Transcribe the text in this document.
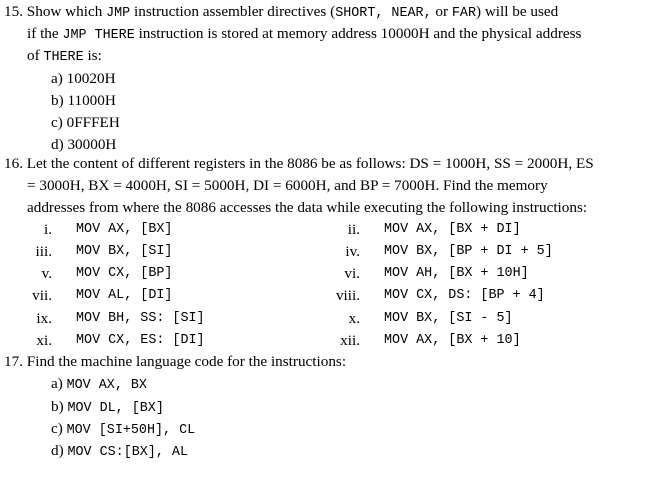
15. Show which JMP instruction assembler directives (SHORT, NEAR, or FAR) will be used
if the JMP THERE instruction is stored at memory address 10000H and the physical address
of THERE is:
a) 10020H
b) 11000H
c) 0FFFEH
d) 30000H
16. Let the content of different registers in the 8086 be as follows: DS = 1000H, SS = 2000H, ES
= 3000H, BX = 4000H, SI = 5000H, DI = 6000H, and BP = 7000H. Find the memory
addresses from where the 8086 accesses the data while executing the following instructions:
i. MOV AX, [BX]
iii. MOV BX, [SI]
v. MOV CX, [BP]
vii. MOV AL, [DI]
ix. MOV BH, SS: [SI]
xi. MOV CX, ES: [DI]
ii. MOV AX, [BX + DI]
iv. MOV BX, [BP + DI + 5]
vi. MOV AH, [BX + 10H]
viii. MOV CX, DS: [BP + 4]
x. MOV BX, [SI - 5]
xii. MOV AX, [BX + 10]
17. Find the machine language code for the instructions:
a) MOV AX, BX
b) MOV DL, [BX]
c) MOV [SI+50H], CL
d) MOV CS:[BX], AL
